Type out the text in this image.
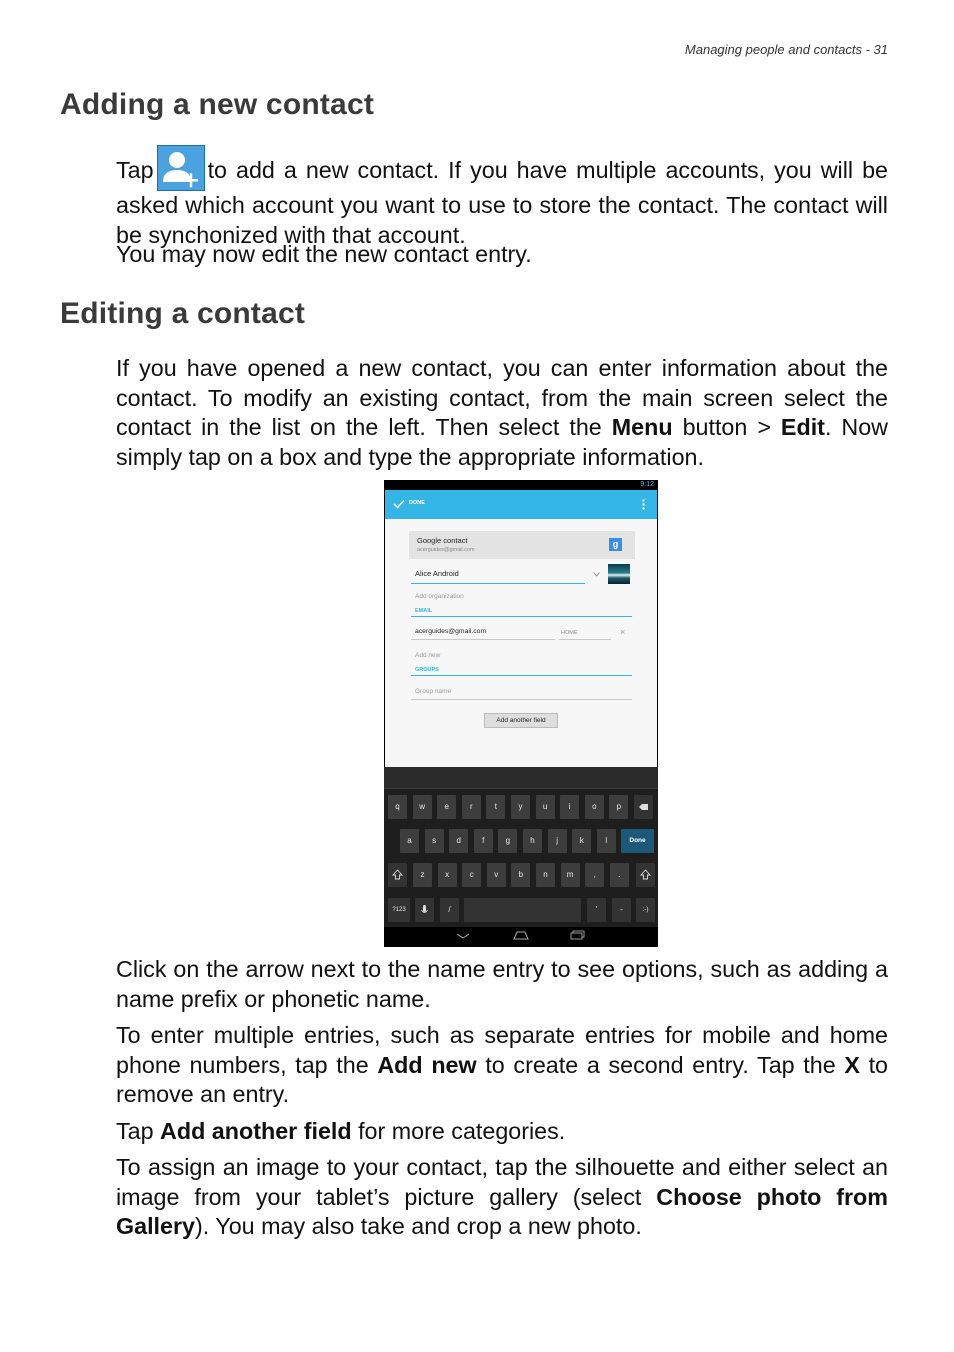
Managing people and contacts - 31
Adding a new contact

Tap to add a new contact. If you have multiple accounts, you will be asked which account you want to use to store the contact. The contact will be synchonized with that account.

You may now edit the new contact entry.

Editing a contact

If you have opened a new contact, you can enter information about the contact. To modify an existing contact, from the main screen select the contact in the list on the left. Then select the Menu button > Edit. Now simply tap on a box and type the appropriate information.

9:12
DONE
Google contact
acerguides@gmail.com
g
Alice Android
Add organization
EMAIL
acerguides@gmail.com	HOME	×
Add new
GROUPS
Group name
Add another field
q	w	e	r	t	y	u	i	o	p
a	s	d	f	g	h	j	k	l
z	x	c	v	b	n	m	,	.
Done
?123	/	'	-	:-)

Click on the arrow next to the name entry to see options, such as adding a name prefix or phonetic name.

To enter multiple entries, such as separate entries for mobile and home phone numbers, tap the Add new to create a second entry. Tap the X to remove an entry.

Tap Add another field for more categories.

To assign an image to your contact, tap the silhouette and either select an image from your tablet’s picture gallery (select Choose photo from Gallery). You may also take and crop a new photo.
